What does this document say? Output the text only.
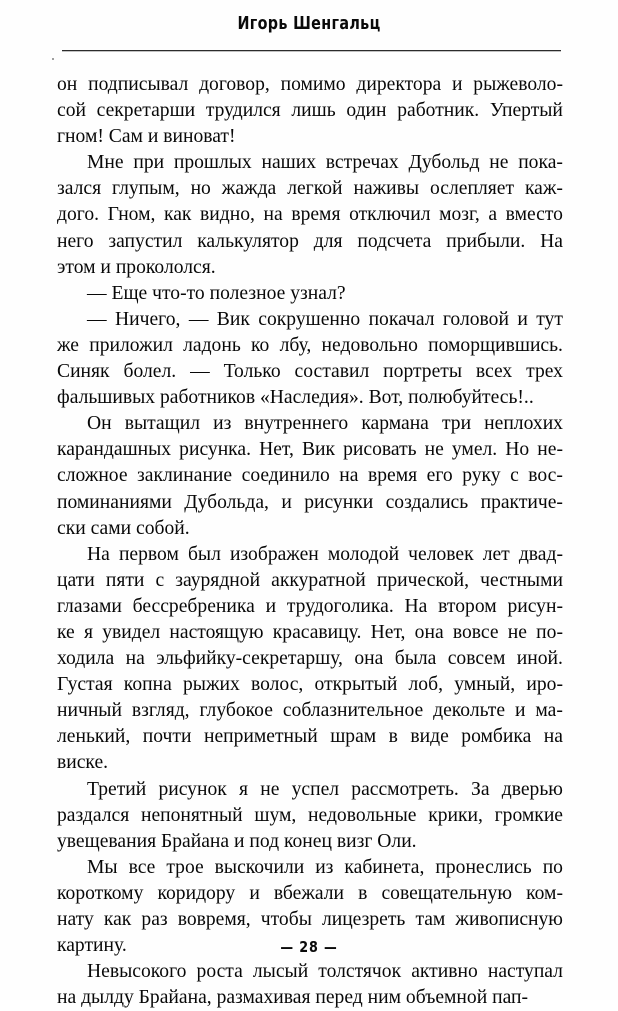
Игорь Шенгальц

он подписывал договор, помимо директора и рыжеволо-
сой секретарши трудился лишь один работник. Упертый
гном! Сам и виноват!

Мне при прошлых наших встречах Дубольд не пока-
зался глупым, но жажда легкой наживы ослепляет каж-
дого. Гном, как видно, на время отключил мозг, а вместо
него запустил калькулятор для подсчета прибыли. На
этом и прокололся.

— Еще что-то полезное узнал?

— Ничего, — Вик сокрушенно покачал головой и тут
же приложил ладонь ко лбу, недовольно поморщившись.
Синяк болел. — Только составил портреты всех трех
фальшивых работников «Наследия». Вот, полюбуйтесь!..

Он вытащил из внутреннего кармана три неплохих
карандашных рисунка. Нет, Вик рисовать не умел. Но не-
сложное заклинание соединило на время его руку с вос-
поминаниями Дубольда, и рисунки создались практиче-
ски сами собой.

На первом был изображен молодой человек лет двад-
цати пяти с заурядной аккуратной прической, честными
глазами бессребреника и трудоголика. На втором рисун-
ке я увидел настоящую красавицу. Нет, она вовсе не по-
ходила на эльфийку-секретаршу, она была совсем иной.
Густая копна рыжих волос, открытый лоб, умный, иро-
ничный взгляд, глубокое соблазнительное декольте и ма-
ленький, почти неприметный шрам в виде ромбика на
виске.

Третий рисунок я не успел рассмотреть. За дверью
раздался непонятный шум, недовольные крики, громкие
увещевания Брайана и под конец визг Оли.

Мы все трое выскочили из кабинета, пронеслись по
короткому коридору и вбежали в совещательную ком-
нату как раз вовремя, чтобы лицезреть там живописную
картину.

Невысокого роста лысый толстячок активно наступал
на дылду Брайана, размахивая перед ним объемной пап-

— 28 —
